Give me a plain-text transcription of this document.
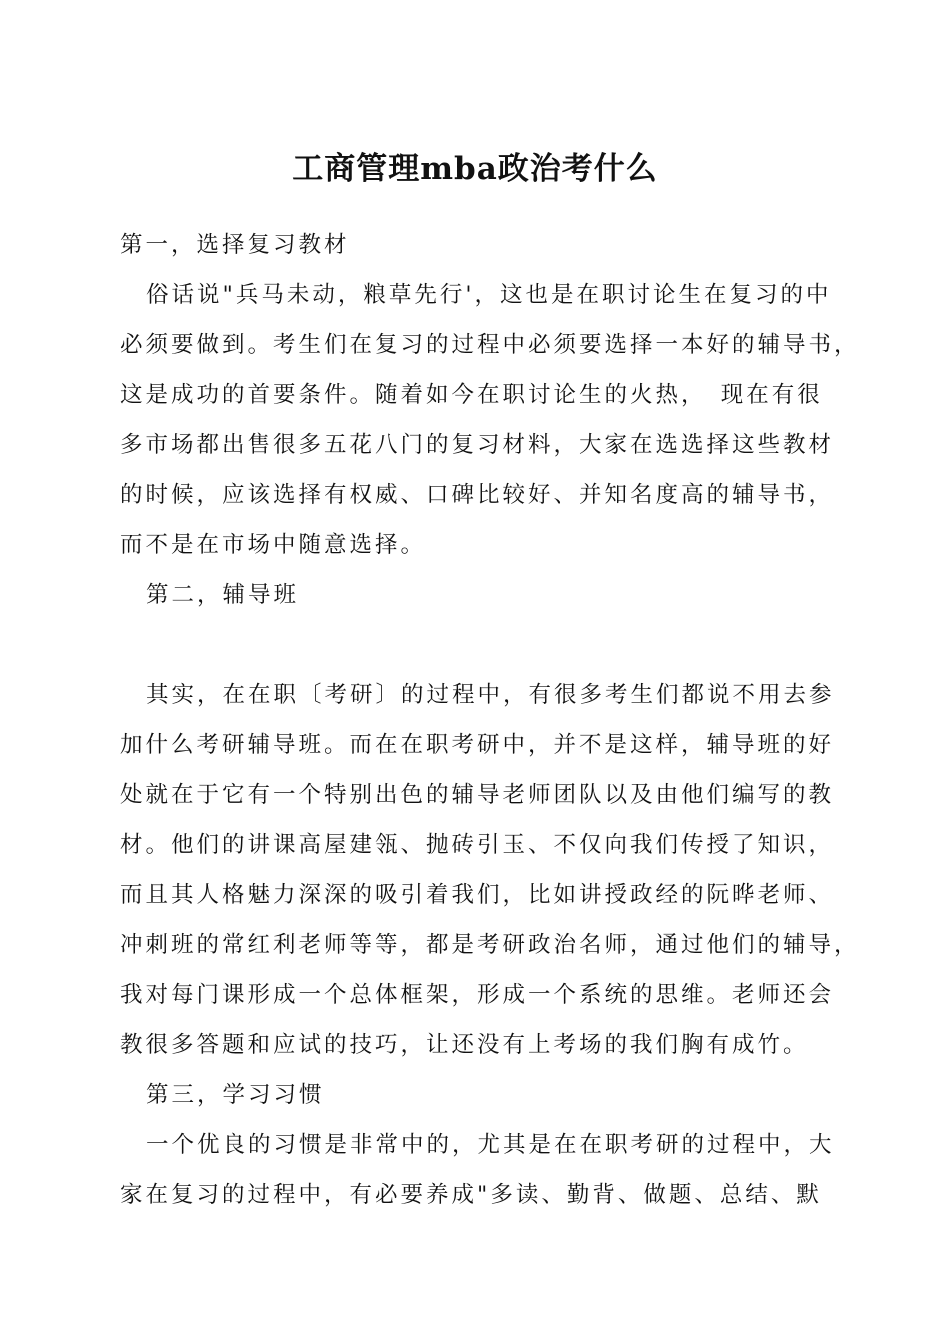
工商管理mba政治考什么
第一，选择复习教材
俗话说"兵马未动，粮草先行'，这也是在职讨论生在复习的中
必须要做到。考生们在复习的过程中必须要选择一本好的辅导书，
这是成功的首要条件。随着如今在职讨论生的火热，　现在有很
多市场都出售很多五花八门的复习材料，大家在选选择这些教材
的时候，应该选择有权威、口碑比较好、并知名度高的辅导书，
而不是在市场中随意选择。
第二，辅导班
其实，在在职〔考研〕的过程中，有很多考生们都说不用去参
加什么考研辅导班。而在在职考研中，并不是这样，辅导班的好
处就在于它有一个特别出色的辅导老师团队以及由他们编写的教
材。他们的讲课高屋建瓴、抛砖引玉、不仅向我们传授了知识，
而且其人格魅力深深的吸引着我们，比如讲授政经的阮晔老师、
冲刺班的常红利老师等等，都是考研政治名师，通过他们的辅导，
我对每门课形成一个总体框架，形成一个系统的思维。老师还会
教很多答题和应试的技巧，让还没有上考场的我们胸有成竹。
第三，学习习惯
一个优良的习惯是非常中的，尤其是在在职考研的过程中，大
家在复习的过程中，有必要养成"多读、勤背、做题、总结、默
